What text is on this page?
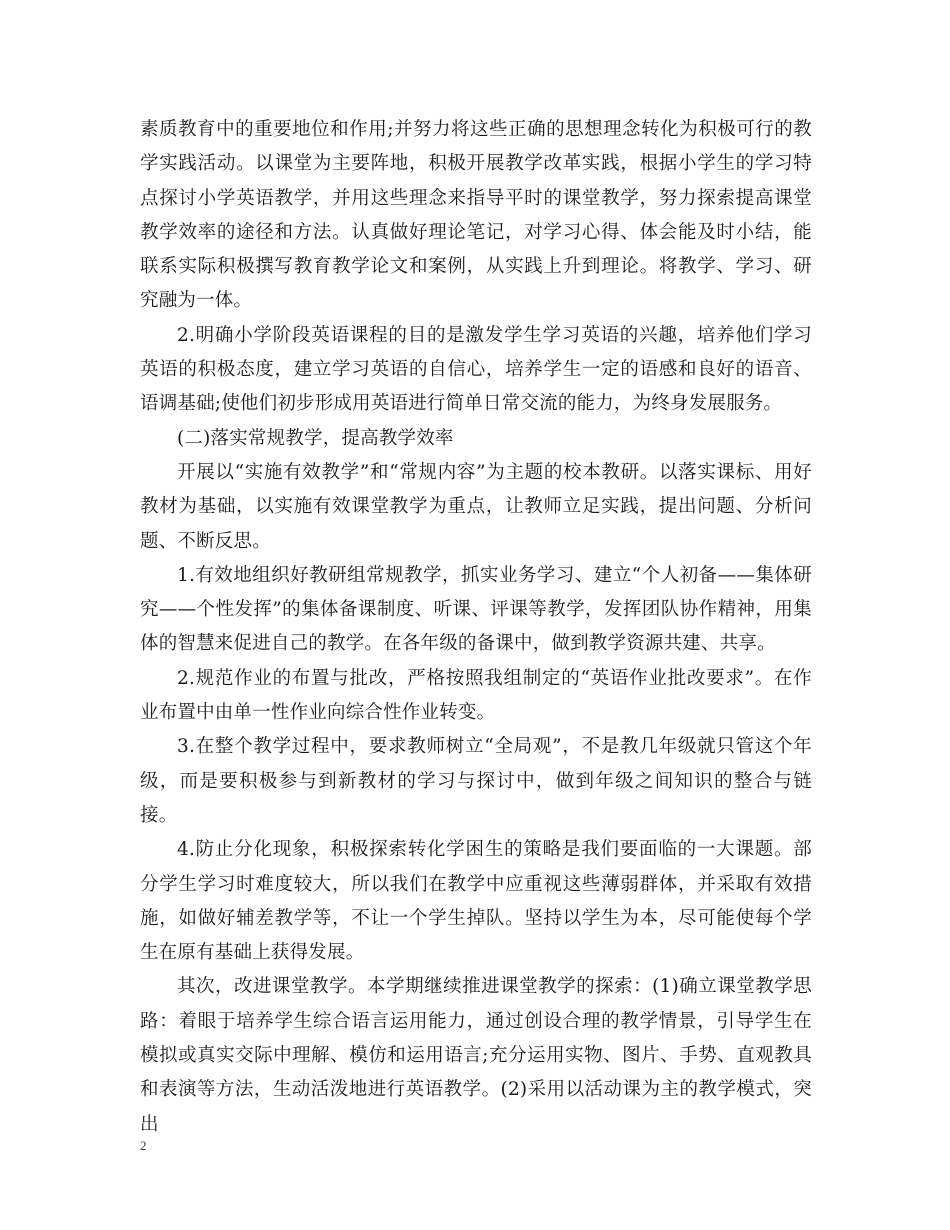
素质教育中的重要地位和作用;并努力将这些正确的思想理念转化为积极可行的教学实践活动。以课堂为主要阵地，积极开展教学改革实践，根据小学生的学习特点探讨小学英语教学，并用这些理念来指导平时的课堂教学，努力探索提高课堂教学效率的途径和方法。认真做好理论笔记，对学习心得、体会能及时小结，能联系实际积极撰写教育教学论文和案例，从实践上升到理论。将教学、学习、研究融为一体。

2.明确小学阶段英语课程的目的是激发学生学习英语的兴趣，培养他们学习英语的积极态度，建立学习英语的自信心，培养学生一定的语感和良好的语音、语调基础;使他们初步形成用英语进行简单日常交流的能力，为终身发展服务。

(二)落实常规教学，提高教学效率

开展以“实施有效教学”和“常规内容”为主题的校本教研。以落实课标、用好教材为基础，以实施有效课堂教学为重点，让教师立足实践，提出问题、分析问题、不断反思。

1.有效地组织好教研组常规教学，抓实业务学习、建立“个人初备——集体研究——个性发挥”的集体备课制度、听课、评课等教学，发挥团队协作精神，用集体的智慧来促进自己的教学。在各年级的备课中，做到教学资源共建、共享。

2.规范作业的布置与批改，严格按照我组制定的“英语作业批改要求”。在作业布置中由单一性作业向综合性作业转变。

3.在整个教学过程中，要求教师树立“全局观”，不是教几年级就只管这个年级，而是要积极参与到新教材的学习与探讨中，做到年级之间知识的整合与链接。

4.防止分化现象，积极探索转化学困生的策略是我们要面临的一大课题。部分学生学习时难度较大，所以我们在教学中应重视这些薄弱群体，并采取有效措施，如做好辅差教学等，不让一个学生掉队。坚持以学生为本，尽可能使每个学生在原有基础上获得发展。

其次，改进课堂教学。本学期继续推进课堂教学的探索：(1)确立课堂教学思路：着眼于培养学生综合语言运用能力，通过创设合理的教学情景，引导学生在模拟或真实交际中理解、模仿和运用语言;充分运用实物、图片、手势、直观教具和表演等方法，生动活泼地进行英语教学。(2)采用以活动课为主的教学模式，突出

2
